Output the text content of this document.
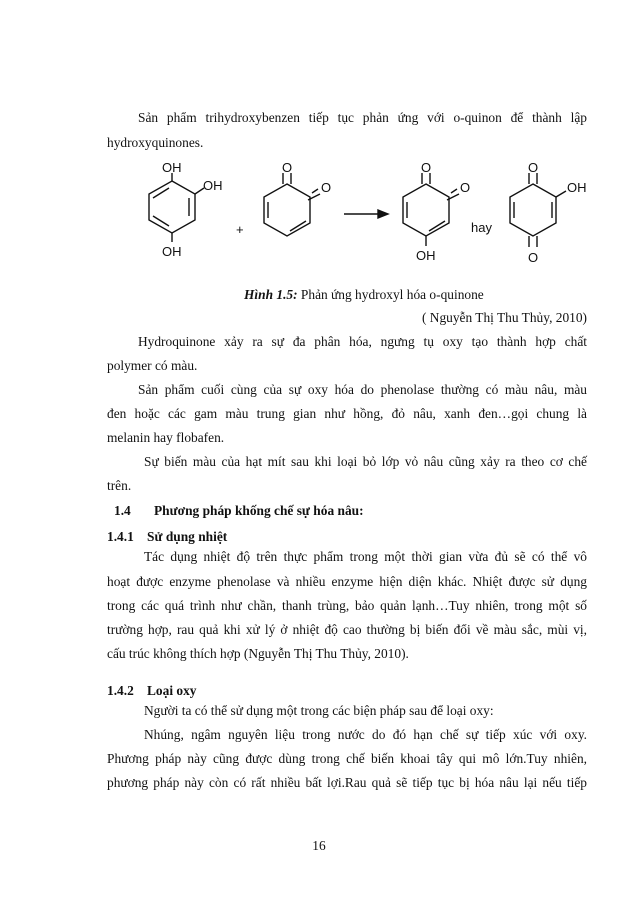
Sản phẩm trihydroxybenzen tiếp tục phản ứng với o-quinon để thành lập
hydroxyquinones.
OH
OH
OH
+
O
O
O
O
OH
hay
O
OH
O
Hình 1.5: Phản ứng hydroxyl hóa o-quinone
( Nguyễn Thị Thu Thủy, 2010)
Hydroquinone xảy ra sự đa phân hóa, ngưng tụ oxy tạo thành hợp chất
polymer có màu.
Sản phẩm cuối cùng của sự oxy hóa do phenolase thường có màu nâu, màu
đen hoặc các gam màu trung gian như hồng, đỏ nâu, xanh đen…gọi chung là
melanin hay flobafen.
Sự biến màu của hạt mít sau khi loại bỏ lớp vỏ nâu cũng xảy ra theo cơ chế
trên.
1.4 Phương pháp khống chế sự hóa nâu:
1.4.1 Sử dụng nhiệt
Tác dụng nhiệt độ trên thực phẩm trong một thời gian vừa đủ sẽ có thể vô
hoạt được enzyme phenolase và nhiều enzyme hiện diện khác. Nhiệt được sử dụng
trong các quá trình như chần, thanh trùng, bảo quản lạnh…Tuy nhiên, trong một số
trường hợp, rau quả khi xử lý ở nhiệt độ cao thường bị biến đổi về màu sắc, mùi vị,
cấu trúc không thích hợp (Nguyễn Thị Thu Thủy, 2010).
1.4.2 Loại oxy
Người ta có thể sử dụng một trong các biện pháp sau để loại oxy:
Nhúng, ngâm nguyên liệu trong nước do đó hạn chế sự tiếp xúc với oxy.
Phương pháp này cũng được dùng trong chế biến khoai tây qui mô lớn.Tuy nhiên,
phương pháp này còn có rất nhiều bất lợi.Rau quả sẽ tiếp tục bị hóa nâu lại nếu tiếp
16
